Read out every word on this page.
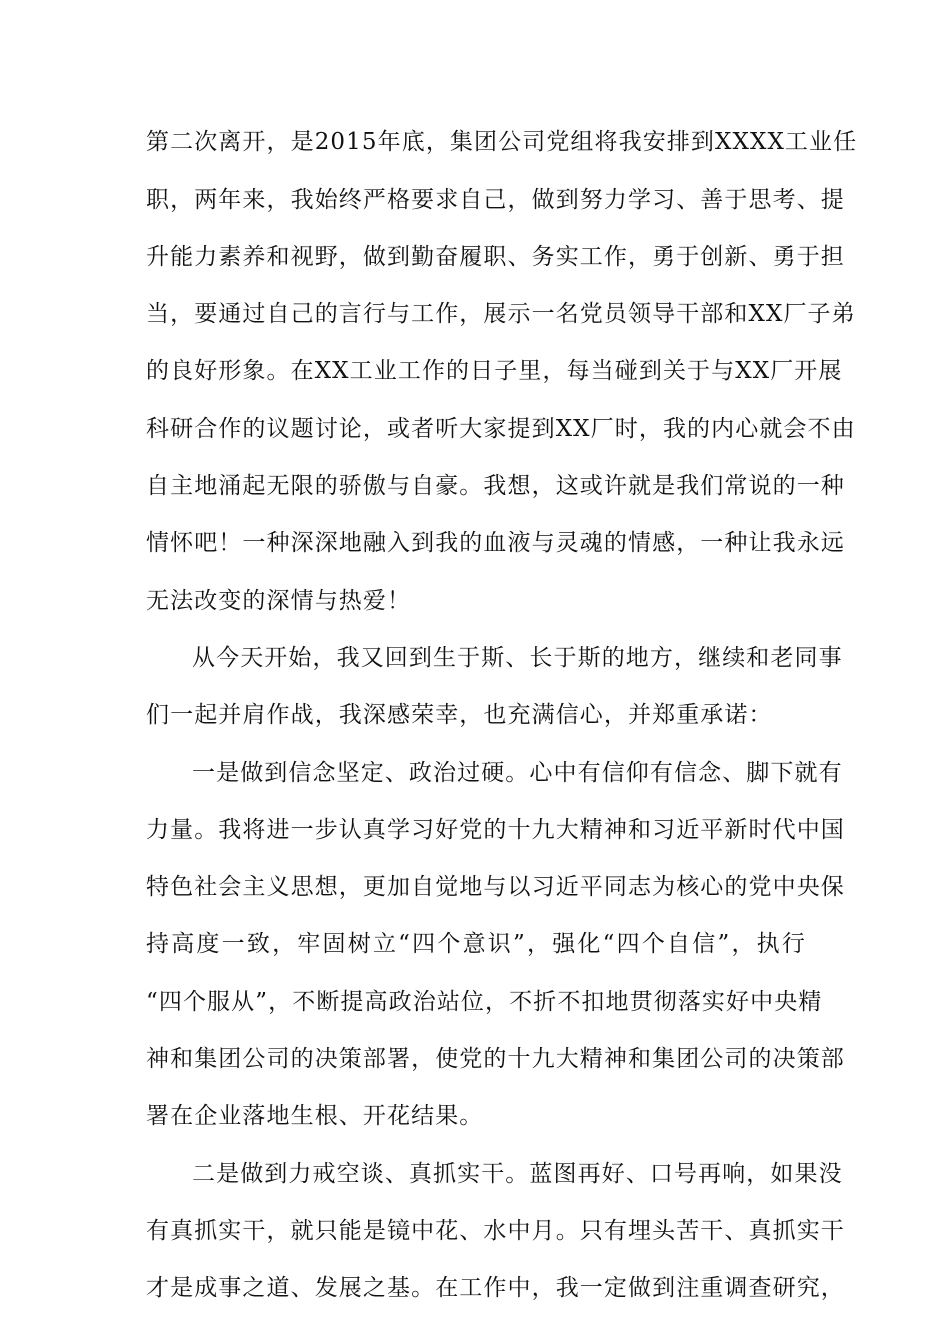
第二次离开，是2015年底，集团公司党组将我安排到XXXX工业任
职，两年来，我始终严格要求自己，做到努力学习、善于思考、提
升能力素养和视野，做到勤奋履职、务实工作，勇于创新、勇于担
当，要通过自己的言行与工作，展示一名党员领导干部和XX厂子弟
的良好形象。在XX工业工作的日子里，每当碰到关于与XX厂开展
科研合作的议题讨论，或者听大家提到XX厂时，我的内心就会不由
自主地涌起无限的骄傲与自豪。我想，这或许就是我们常说的一种
情怀吧！一种深深地融入到我的血液与灵魂的情感，一种让我永远
无法改变的深情与热爱！
从今天开始，我又回到生于斯、长于斯的地方，继续和老同事
们一起并肩作战，我深感荣幸，也充满信心，并郑重承诺：
一是做到信念坚定、政治过硬。心中有信仰有信念、脚下就有
力量。我将进一步认真学习好党的十九大精神和习近平新时代中国
特色社会主义思想，更加自觉地与以习近平同志为核心的党中央保
持高度一致，牢固树立“四个意识”，强化“四个自信”，执行
“四个服从”，不断提高政治站位，不折不扣地贯彻落实好中央精
神和集团公司的决策部署，使党的十九大精神和集团公司的决策部
署在企业落地生根、开花结果。
二是做到力戒空谈、真抓实干。蓝图再好、口号再响，如果没
有真抓实干，就只能是镜中花、水中月。只有埋头苦干、真抓实干
才是成事之道、发展之基。在工作中，我一定做到注重调查研究，
